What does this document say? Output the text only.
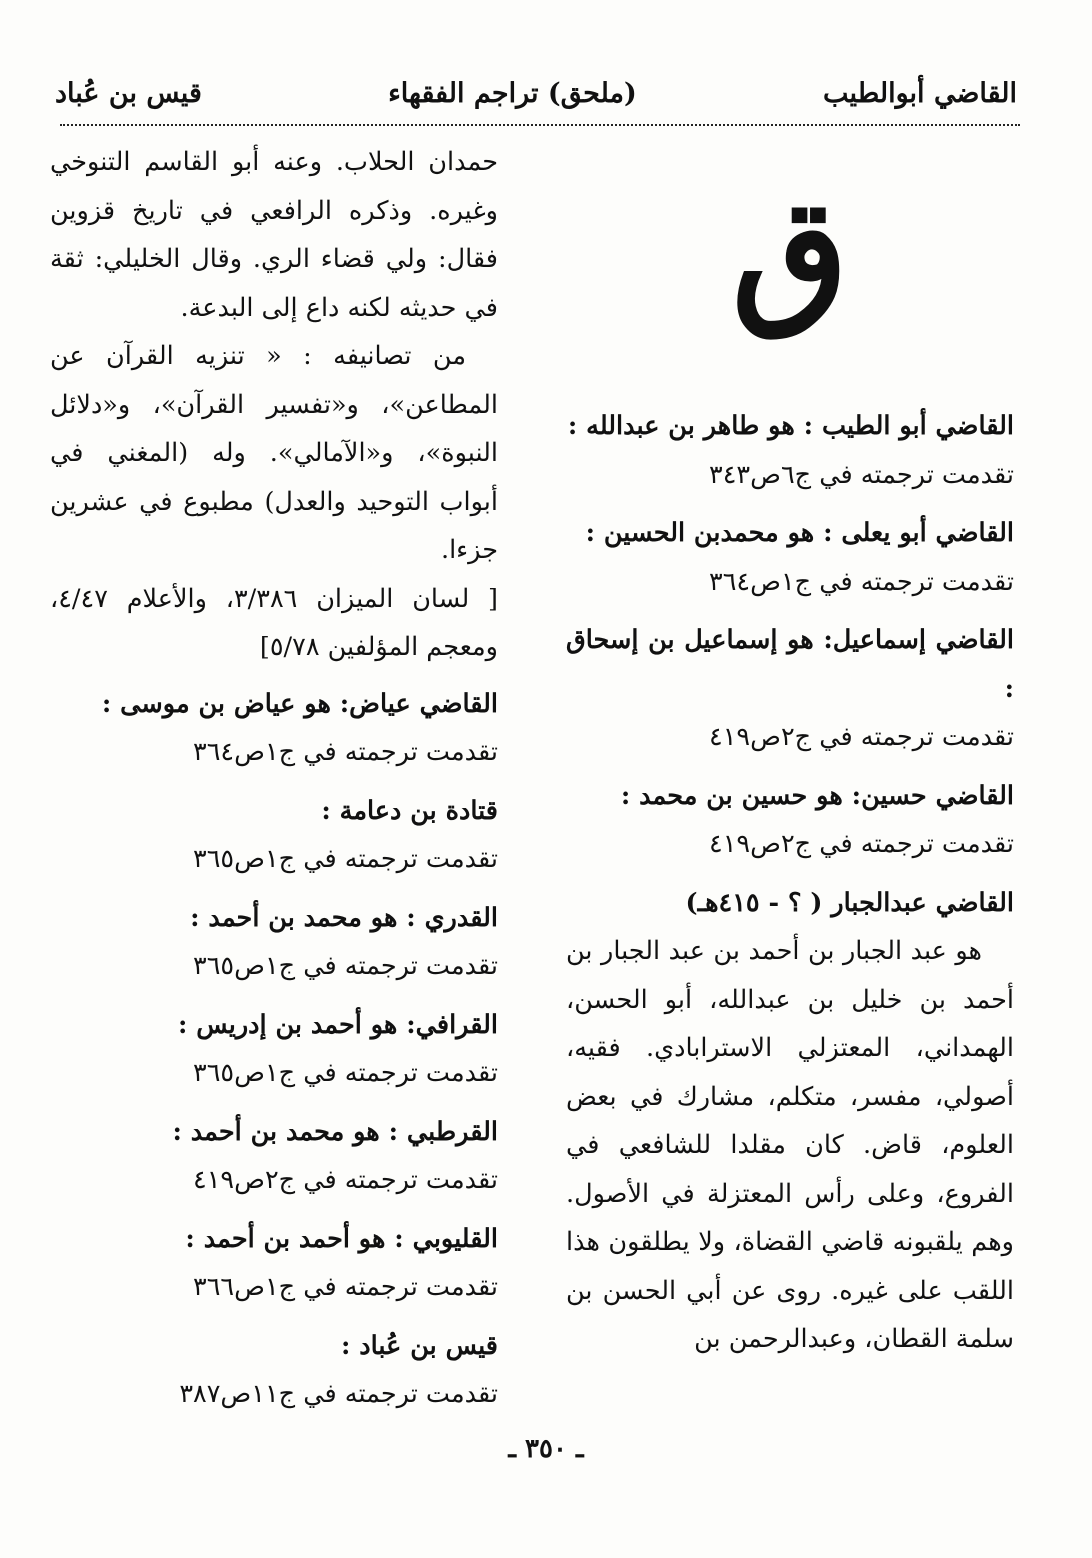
القاضي أبوالطيب
(ملحق) تراجم الفقهاء
قيس بن عُباد
ق
القاضي أبو الطيب : هو طاهر بن عبدالله :
تقدمت ترجمته في ج٦ص٣٤٣
القاضي أبو يعلى : هو محمدبن الحسين :
تقدمت ترجمته في ج١ص٣٦٤
القاضي إسماعيل: هو إسماعيل بن إسحاق :
تقدمت ترجمته في ج٢ص٤١٩
القاضي حسين: هو حسين بن محمد :
تقدمت ترجمته في ج٢ص٤١٩
القاضي عبدالجبار ( ؟ - ٤١٥هـ)
هو عبد الجبار بن أحمد بن عبد الجبار بن أحمد بن خليل بن عبدالله، أبو الحسن، الهمداني، المعتزلي الاسترابادي. فقيه، أصولي، مفسر، متكلم، مشارك في بعض العلوم، قاض. كان مقلدا للشافعي في الفروع، وعلى رأس المعتزلة في الأصول. وهم يلقبونه قاضي القضاة، ولا يطلقون هذا اللقب على غيره. روى عن أبي الحسن بن سلمة القطان، وعبدالرحمن بن
حمدان الحلاب. وعنه أبو القاسم التنوخي وغيره. وذكره الرافعي في تاريخ قزوين فقال: ولي قضاء الري. وقال الخليلي: ثقة في حديثه لكنه داع إلى البدعة.
من تصانيفه : « تنزيه القرآن عن المطاعن»، و«تفسير القرآن»، و«دلائل النبوة»، و«الآمالي». وله (المغني في أبواب التوحيد والعدل) مطبوع في عشرين جزءا.
[ لسان الميزان ٣/٣٨٦، والأعلام ٤/٤٧، ومعجم المؤلفين ٥/٧٨]
القاضي عياض: هو عياض بن موسى :
تقدمت ترجمته في ج١ص٣٦٤
قتادة بن دعامة :
تقدمت ترجمته في ج١ص٣٦٥
القدري : هو محمد بن أحمد :
تقدمت ترجمته في ج١ص٣٦٥
القرافي: هو أحمد بن إدريس :
تقدمت ترجمته في ج١ص٣٦٥
القرطبي : هو محمد بن أحمد :
تقدمت ترجمته في ج٢ص٤١٩
القليوبي : هو أحمد بن أحمد :
تقدمت ترجمته في ج١ص٣٦٦
قيس بن عُباد :
تقدمت ترجمته في ج١١ص٣٨٧
ـ ٣٥٠ ـ
